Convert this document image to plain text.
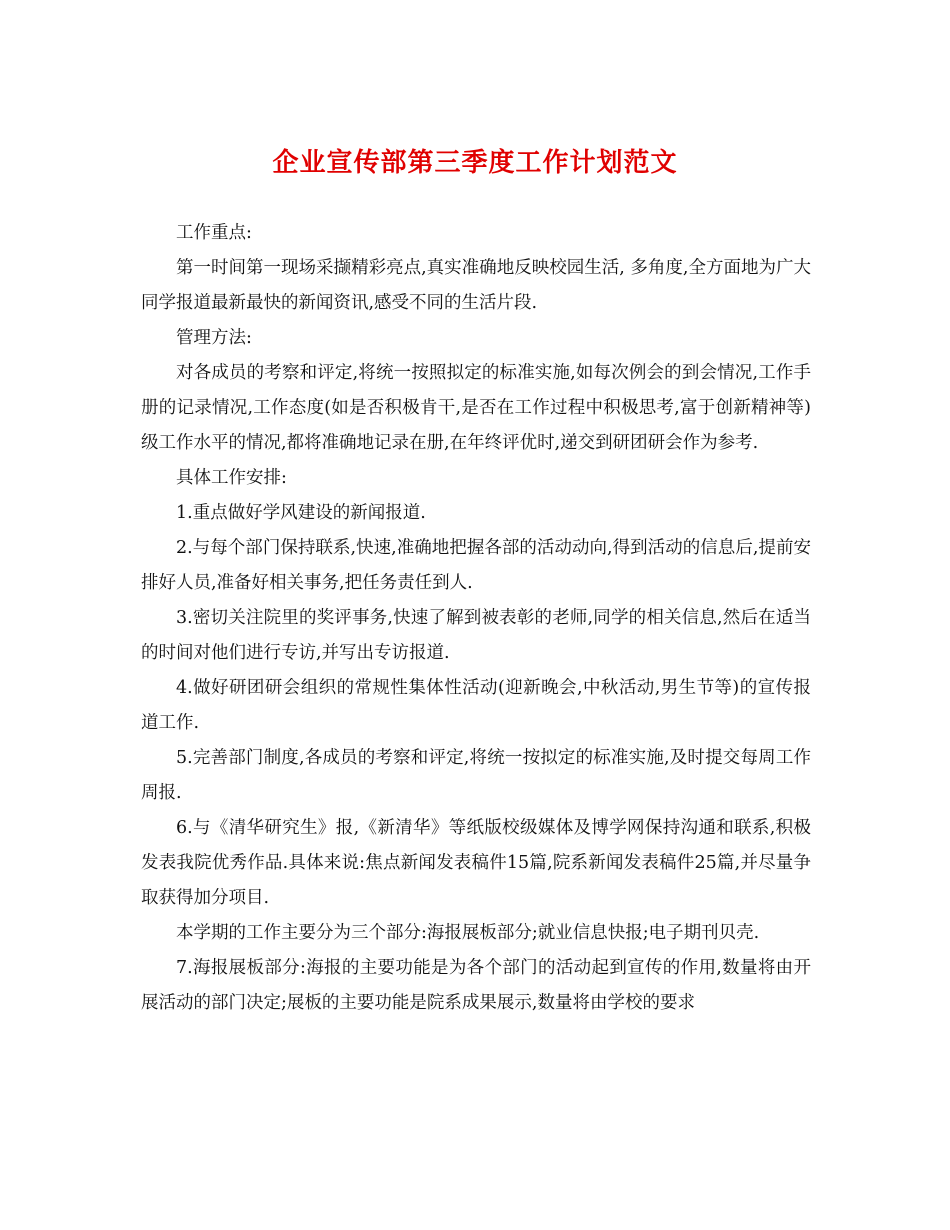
企业宣传部第三季度工作计划范文

工作重点:

第一时间第一现场采撷精彩亮点,真实准确地反映校园生活, 多角度,全方面地为广大同学报道最新最快的新闻资讯,感受不同的生活片段.

管理方法:

对各成员的考察和评定,将统一按照拟定的标准实施,如每次例会的到会情况,工作手册的记录情况,工作态度(如是否积极肯干,是否在工作过程中积极思考,富于创新精神等)级工作水平的情况,都将准确地记录在册,在年终评优时,递交到研团研会作为参考.

具体工作安排:

1.重点做好学风建设的新闻报道.

2.与每个部门保持联系,快速,准确地把握各部的活动动向,得到活动的信息后,提前安排好人员,准备好相关事务,把任务责任到人.

3.密切关注院里的奖评事务,快速了解到被表彰的老师,同学的相关信息,然后在适当的时间对他们进行专访,并写出专访报道.

4.做好研团研会组织的常规性集体性活动(迎新晚会,中秋活动,男生节等)的宣传报道工作.

5.完善部门制度,各成员的考察和评定,将统一按拟定的标准实施,及时提交每周工作周报.

6.与《清华研究生》报,《新清华》等纸版校级媒体及博学网保持沟通和联系,积极发表我院优秀作品.具体来说:焦点新闻发表稿件15篇,院系新闻发表稿件25篇,并尽量争取获得加分项目.

本学期的工作主要分为三个部分:海报展板部分;就业信息快报;电子期刊贝壳.

7.海报展板部分:海报的主要功能是为各个部门的活动起到宣传的作用,数量将由开展活动的部门决定;展板的主要功能是院系成果展示,数量将由学校的要求
